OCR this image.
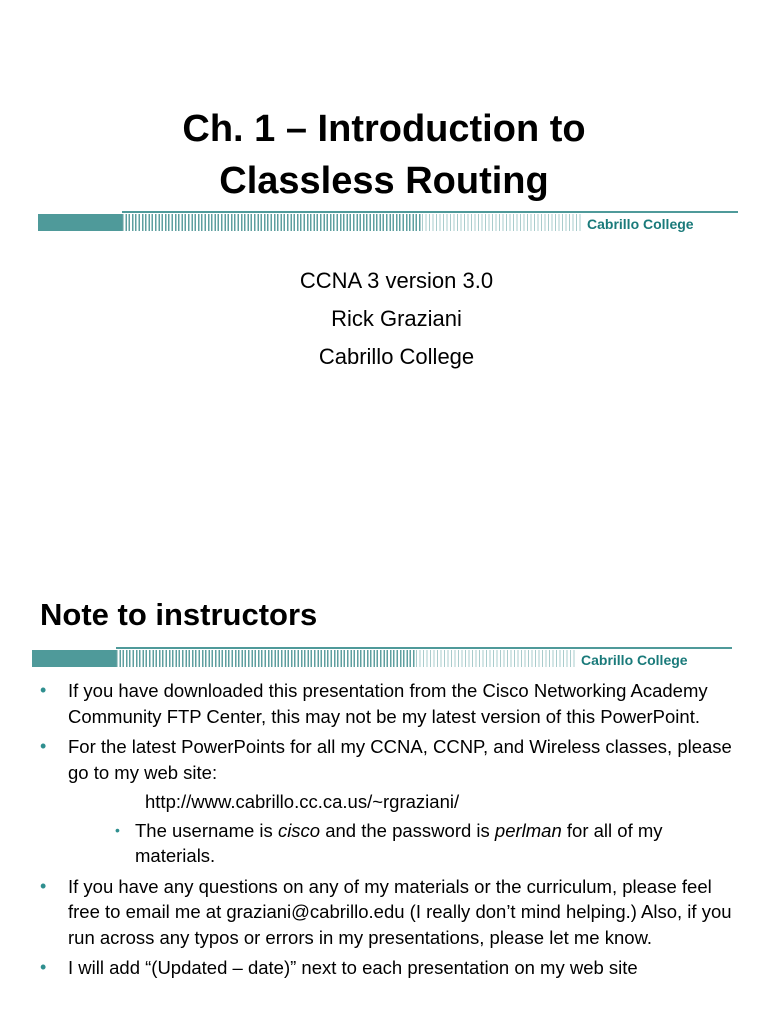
Ch. 1 – Introduction to
Classless Routing
CCNA 3 version 3.0
Rick Graziani
Cabrillo College
Cabrillo College
Note to instructors
Cabrillo College
• If you have downloaded this presentation from the Cisco Networking Academy Community FTP Center, this may not be my latest version of this PowerPoint.
• For the latest PowerPoints for all my CCNA, CCNP, and Wireless classes, please go to my web site:
http://www.cabrillo.cc.ca.us/~rgraziani/
• The username is cisco and the password is perlman for all of my materials.
• If you have any questions on any of my materials or the curriculum, please feel free to email me at graziani@cabrillo.edu (I really don’t mind helping.) Also, if you run across any typos or errors in my presentations, please let me know.
• I will add “(Updated – date)” next to each presentation on my web site
